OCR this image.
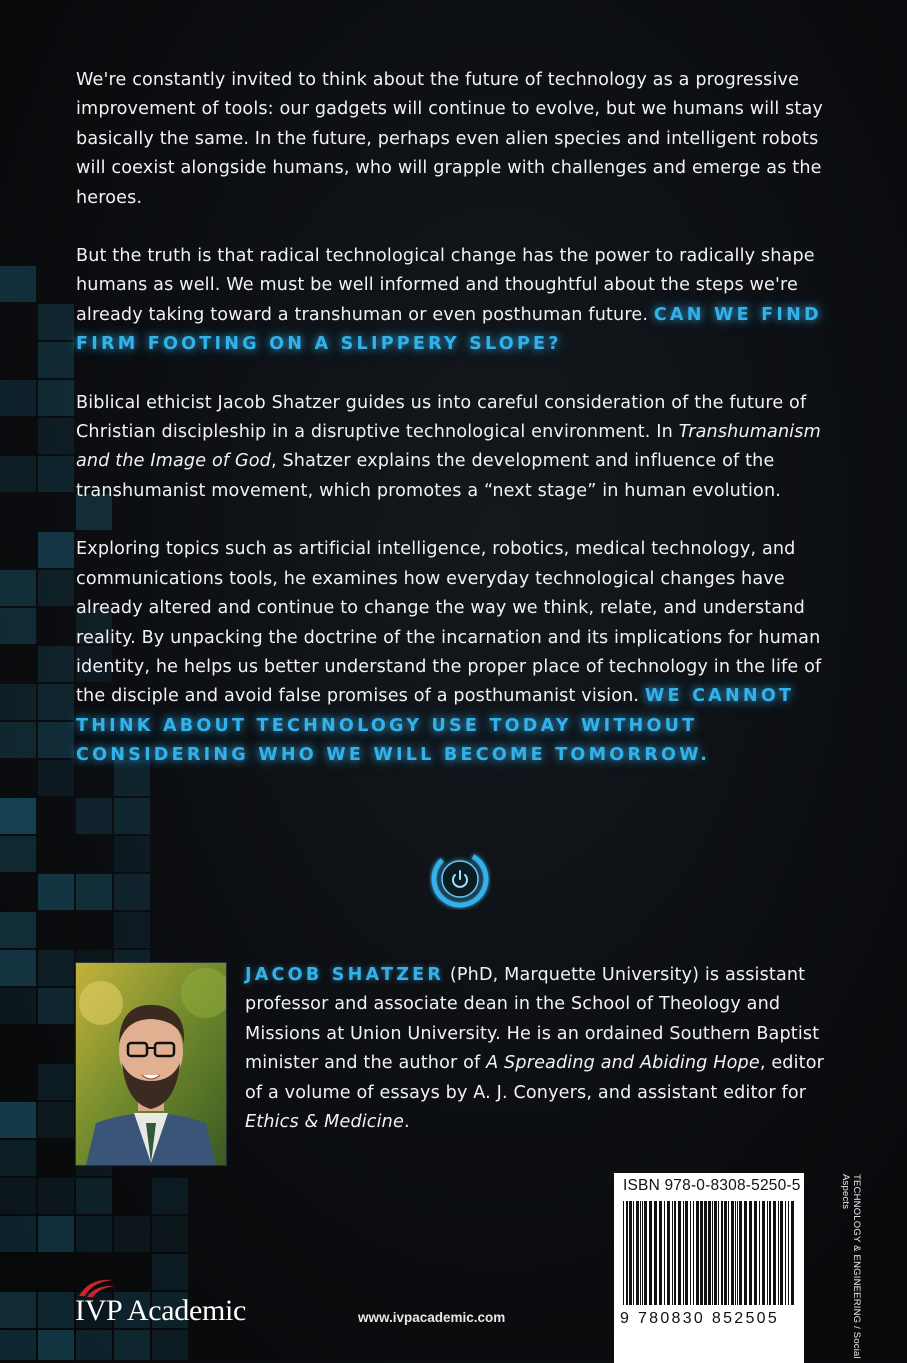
We're constantly invited to think about the future of technology as a progressive improvement of tools: our gadgets will continue to evolve, but we humans will stay basically the same. In the future, perhaps even alien species and intelligent robots will coexist alongside humans, who will grapple with challenges and emerge as the heroes.

But the truth is that radical technological change has the power to radically shape humans as well. We must be well informed and thoughtful about the steps we're already taking toward a transhuman or even posthuman future. CAN WE FIND FIRM FOOTING ON A SLIPPERY SLOPE?

Biblical ethicist Jacob Shatzer guides us into careful consideration of the future of Christian discipleship in a disruptive technological environment. In Transhumanism and the Image of God, Shatzer explains the development and influence of the transhumanist movement, which promotes a “next stage” in human evolution.

Exploring topics such as artificial intelligence, robotics, medical technology, and communications tools, he examines how everyday technological changes have already altered and continue to change the way we think, relate, and understand reality. By unpacking the doctrine of the incarnation and its implications for human identity, he helps us better understand the proper place of technology in the life of the disciple and avoid false promises of a posthumanist vision. WE CANNOT THINK ABOUT TECHNOLOGY USE TODAY WITHOUT CONSIDERING WHO WE WILL BECOME TOMORROW.

JACOB SHATZER (PhD, Marquette University) is assistant professor and associate dean in the School of Theology and Missions at Union University. He is an ordained Southern Baptist minister and the author of A Spreading and Abiding Hope, editor of a volume of essays by A. J. Conyers, and assistant editor for Ethics & Medicine.
ISBN 978-0-8308-5250-5
9 780830 852505	TECHNOLOGY & ENGINEERING / Social Aspects
www.ivpacademic.com
IVP Academic
